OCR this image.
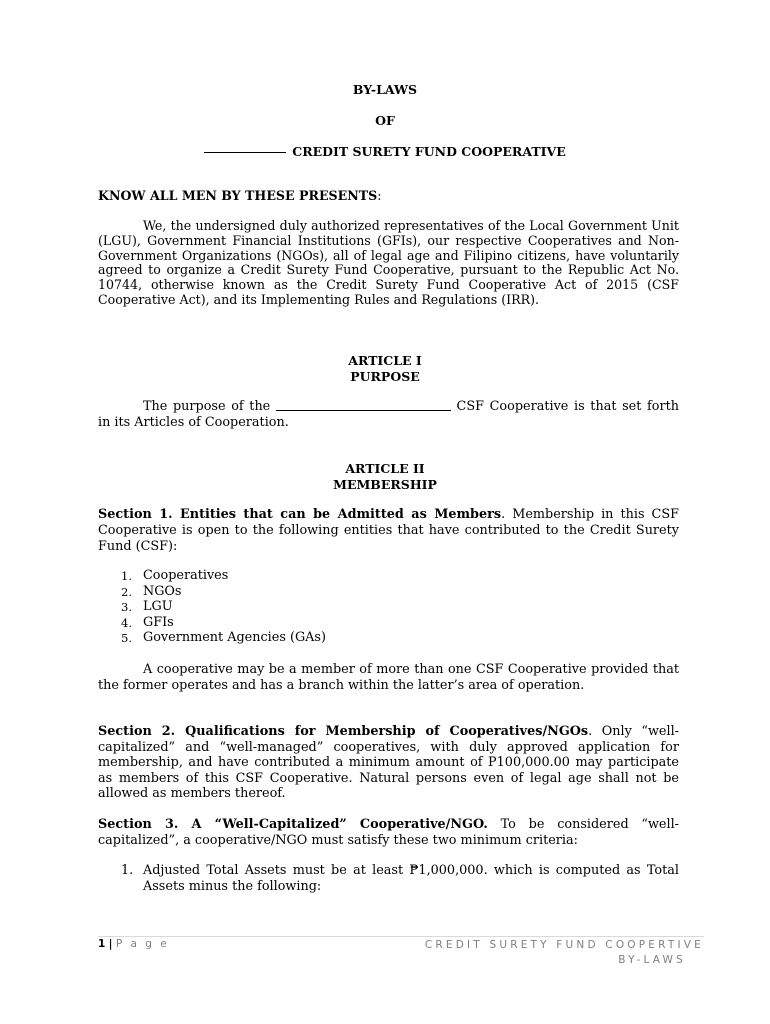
BY-LAWS
OF
CREDIT SURETY FUND COOPERATIVE
KNOW ALL MEN BY THESE PRESENTS:
We, the undersigned duly authorized representatives of the Local Government Unit (LGU), Government Financial Institutions (GFIs), our respective Cooperatives and Non-Government Organizations (NGOs), all of legal age and Filipino citizens, have voluntarily agreed to organize a Credit Surety Fund Cooperative, pursuant to the Republic Act No. 10744, otherwise known as the Credit Surety Fund Cooperative Act of 2015 (CSF Cooperative Act), and its Implementing Rules and Regulations (IRR).
ARTICLE I
PURPOSE
The purpose of the	CSF Cooperative is that set forth in its Articles of Cooperation.
ARTICLE II
MEMBERSHIP
Section 1. Entities that can be Admitted as Members. Membership in this CSF Cooperative is open to the following entities that have contributed to the Credit Surety Fund (CSF):
1. Cooperatives
2. NGOs
3. LGU
4. GFIs
5. Government Agencies (GAs)
A cooperative may be a member of more than one CSF Cooperative provided that the former operates and has a branch within the latter’s area of operation.
Section 2. Qualifications for Membership of Cooperatives/NGOs. Only “well-capitalized” and “well-managed” cooperatives, with duly approved application for membership, and have contributed a minimum amount of P100,000.00 may participate as members of this CSF Cooperative. Natural persons even of legal age shall not be allowed as members thereof.
Section 3. A “Well-Capitalized” Cooperative/NGO. To be considered “well-capitalized”, a cooperative/NGO must satisfy these two minimum criteria:
1. Adjusted Total Assets must be at least ₱1,000,000. which is computed as Total Assets minus the following:
1 | P a g e	CREDIT SURETY FUND COOPERTIVE
BY-LAWS
